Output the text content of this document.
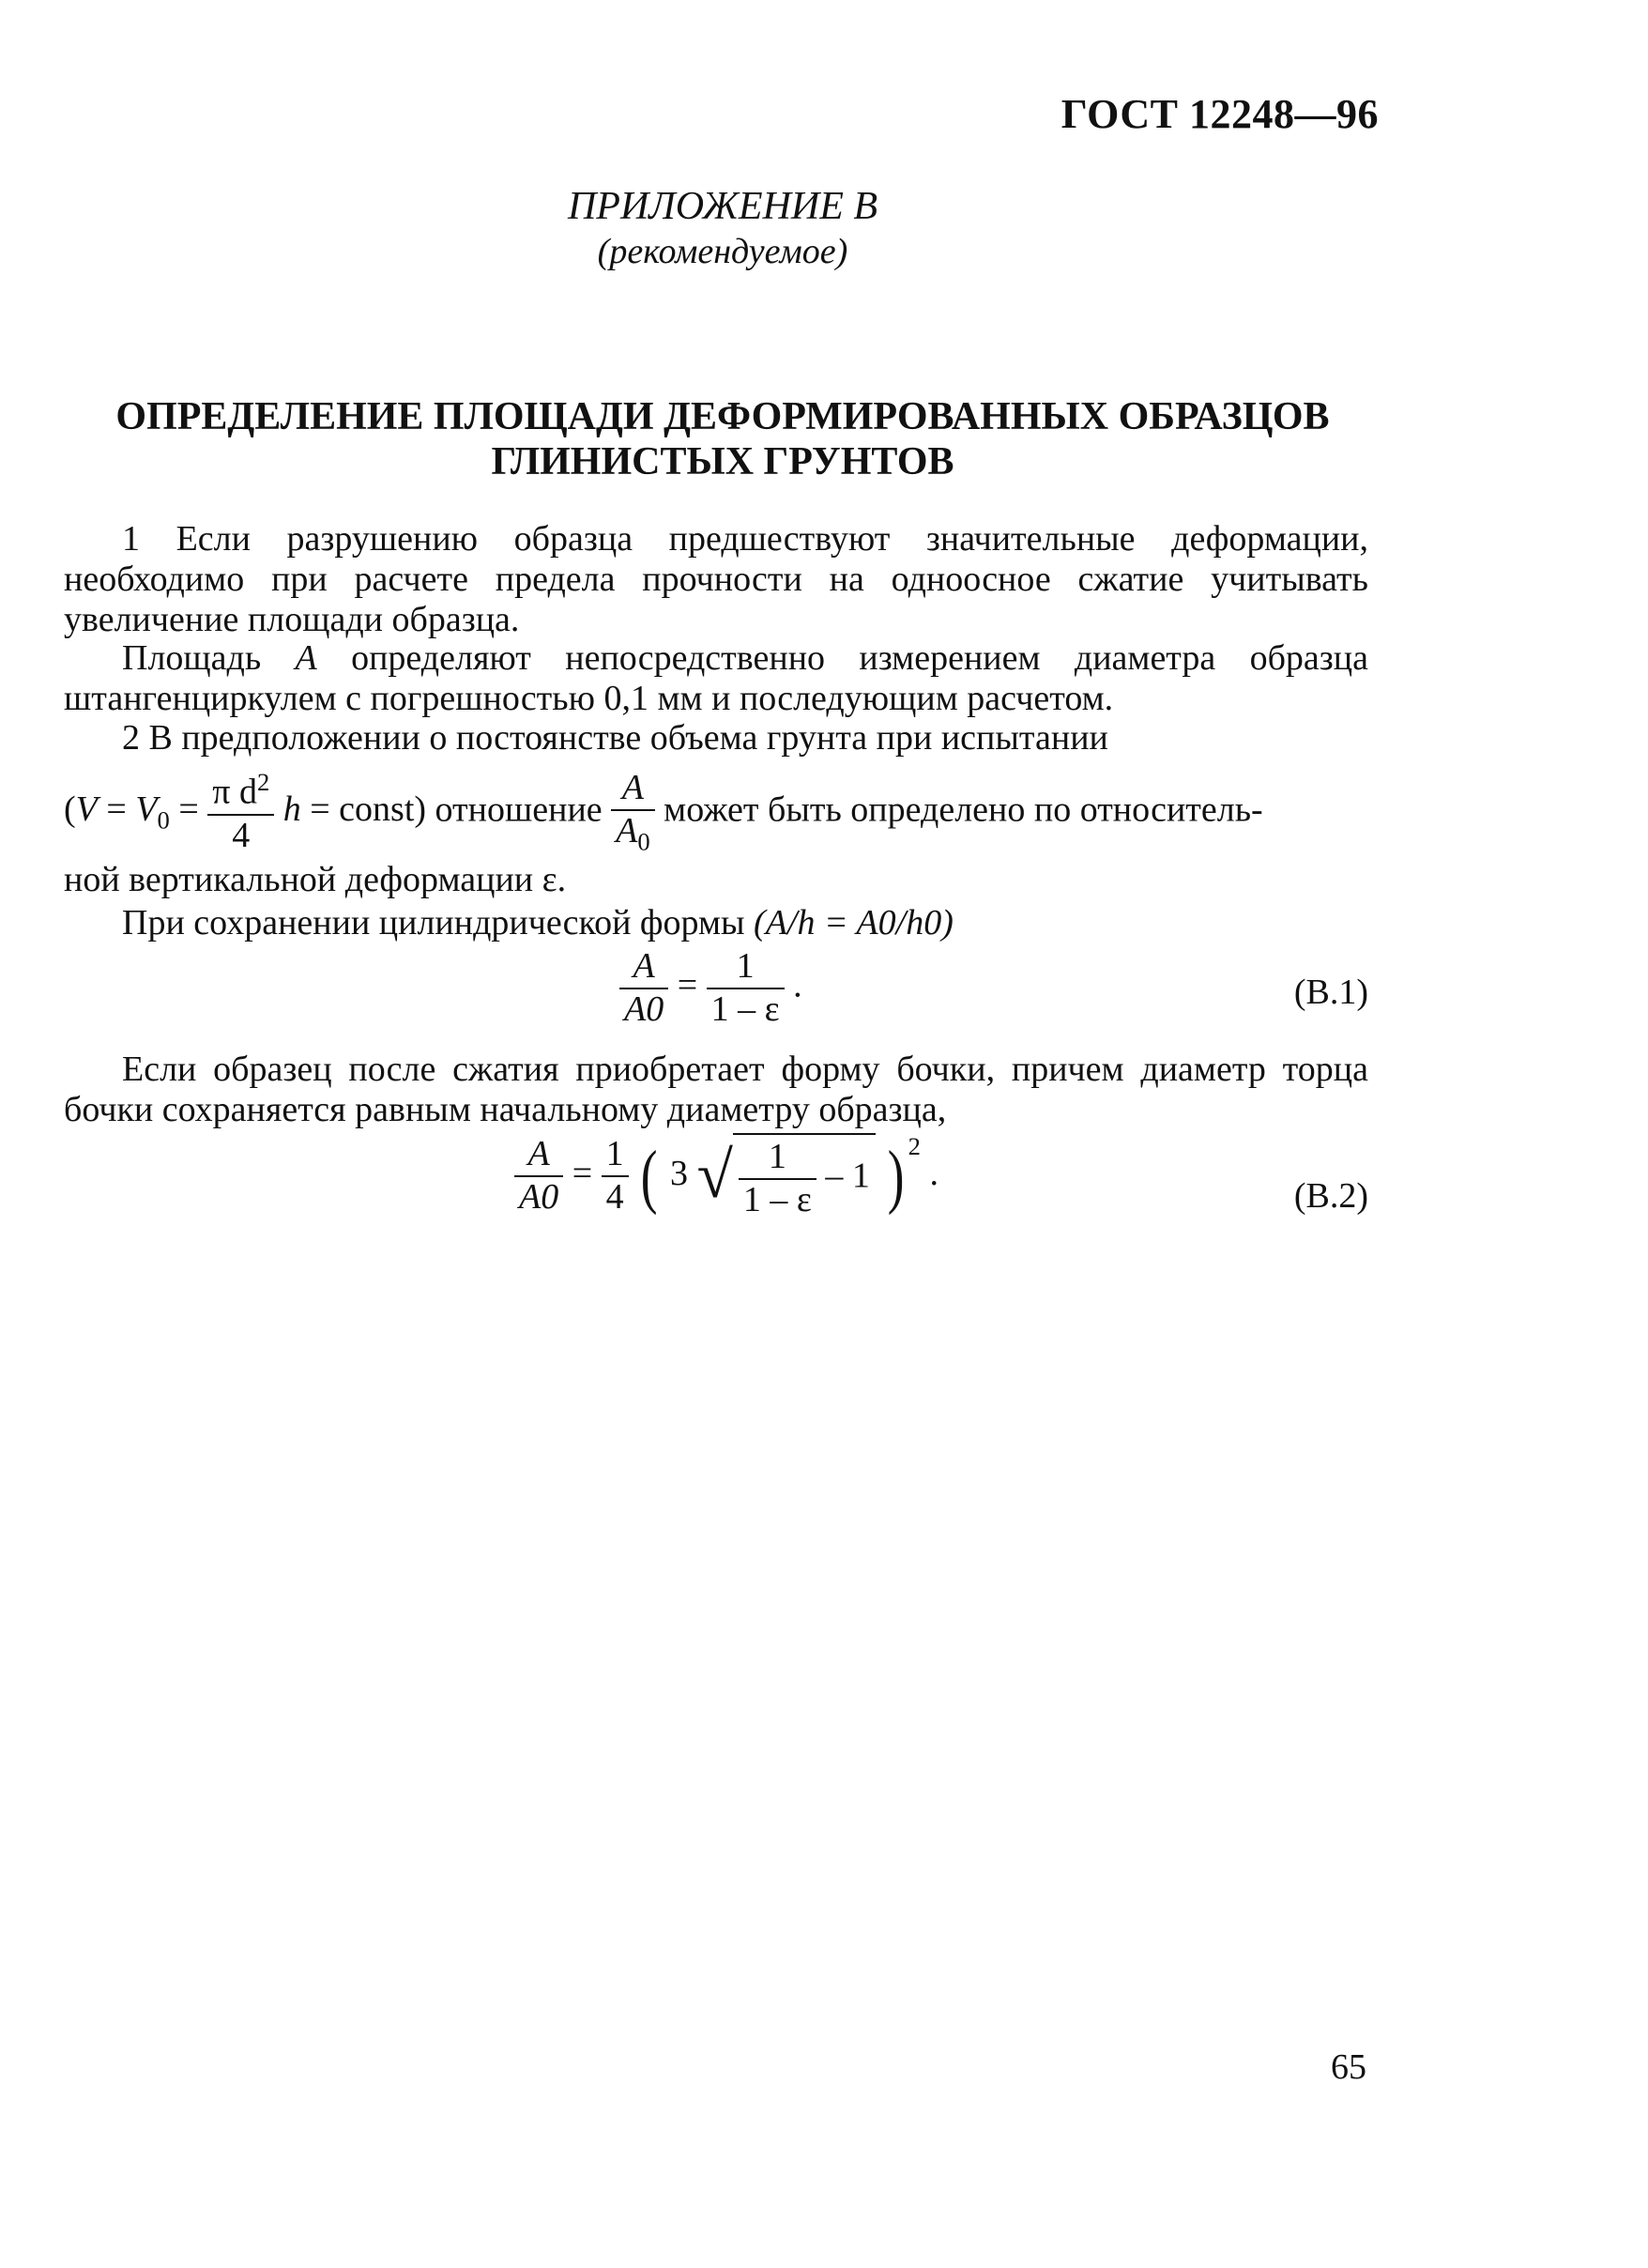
ГОСТ 12248—96
ПРИЛОЖЕНИЕ В
(рекомендуемое)
ОПРЕДЕЛЕНИЕ ПЛОЩАДИ ДЕФОРМИРОВАННЫХ ОБРАЗЦОВ ГЛИНИСТЫХ ГРУНТОВ
1 Если разрушению образца предшествуют значительные деформации, необходимо при расчете предела прочности на одноосное сжатие учитывать увеличение площади образца.
Площадь A определяют непосредственно измерением диаметра образца штангенциркулем с погрешностью 0,1 мм и последующим расчетом.
2 В предположении о постоянстве объема грунта при испытании
($V = V_0 = \frac{\pi d^2}{4}$ h = const) отношение $\frac{A}{A_0}$ может быть определено по относитель-
ной вертикальной деформации ε.
При сохранении цилиндрической формы (A/h = A0/h0)
$\frac{A}{A0} = \frac{1}{1 - \varepsilon}$ .	(В.1)
Если образец после сжатия приобретает форму бочки, причем диаметр торца бочки сохраняется равным начальному диаметру образца,
$\frac{A}{A0} = \frac{1}{4}$ ( 3 √ $\frac{1}{1 - \varepsilon} - 1$ ) $^2$ .
(В.2)
65
